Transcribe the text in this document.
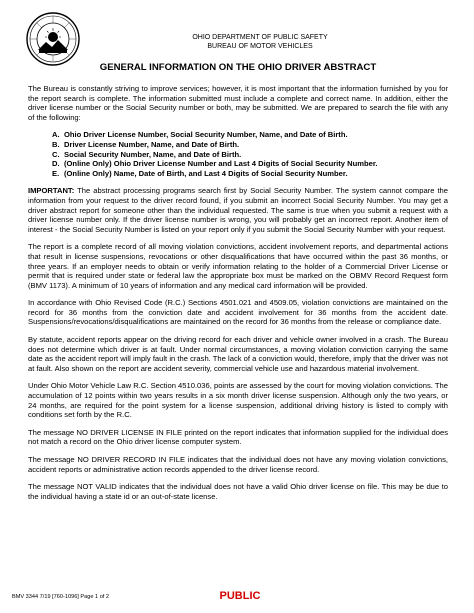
OHIO DEPARTMENT OF PUBLIC SAFETY
BUREAU OF MOTOR VEHICLES
GENERAL INFORMATION ON THE OHIO DRIVER ABSTRACT

The Bureau is constantly striving to improve services; however, it is most important that the information furnished by you for the report search is complete. The information submitted must include a complete and correct name. In addition, either the driver license number or the Social Security number or both, may be submitted. We are prepared to search the file with any of the following:

A. Ohio Driver License Number, Social Security Number, Name, and Date of Birth.
B. Driver License Number, Name, and Date of Birth.
C. Social Security Number, Name, and Date of Birth.
D. (Online Only) Ohio Driver License Number and Last 4 Digits of Social Security Number.
E. (Online Only) Name, Date of Birth, and Last 4 Digits of Social Security Number.

IMPORTANT: The abstract processing programs search first by Social Security Number. The system cannot compare the information from your request to the driver record found, if you submit an incorrect Social Security Number. You may get a driver abstract report for someone other than the individual requested. The same is true when you submit a request with a driver license number only. If the driver license number is wrong, you will probably get an incorrect report. Another item of interest - the Social Security Number is listed on your report only if you submit the Social Security Number with your request.

The report is a complete record of all moving violation convictions, accident involvement reports, and departmental actions that result in license suspensions, revocations or other disqualifications that have occurred within the past 36 months, or three years. If an employer needs to obtain or verify information relating to the holder of a Commercial Driver License or permit that is required under state or federal law the appropriate box must be marked on the OBMV Record Request form (BMV 1173). A minimum of 10 years of information and any medical card information will be provided.

In accordance with Ohio Revised Code (R.C.) Sections 4501.021 and 4509.05, violation convictions are maintained on the record for 36 months from the conviction date and accident involvement for 36 months from the accident date. Suspensions/revocations/disqualifications are maintained on the record for 36 months from the release or compliance date.

By statute, accident reports appear on the driving record for each driver and vehicle owner involved in a crash. The Bureau does not determine which driver is at fault. Under normal circumstances, a moving violation conviction carrying the same date as the accident report will imply fault in the crash. The lack of a conviction would, therefore, imply that the driver was not at fault. Also shown on the report are accident severity, commercial vehicle use and hazardous material involvement.

Under Ohio Motor Vehicle Law R.C. Section 4510.036, points are assessed by the court for moving violation convictions. The accumulation of 12 points within two years results in a six month driver license suspension. Although only the two years, or 24 months, are required for the point system for a license suspension, additional driving history is listed to comply with conditions set forth by the R.C.

The message NO DRIVER LICENSE IN FILE printed on the report indicates that information supplied for the individual does not match a record on the Ohio driver license computer system.

The message NO DRIVER RECORD IN FILE indicates that the individual does not have any moving violation convictions, accident reports or administrative action records appended to the driver license record.

The message NOT VALID indicates that the individual does not have a valid Ohio driver license on file. This may be due to the individual having a state id or an out-of-state license.

BMV 3344 7/19 [760-1096] Page 1 of 2	PUBLIC
